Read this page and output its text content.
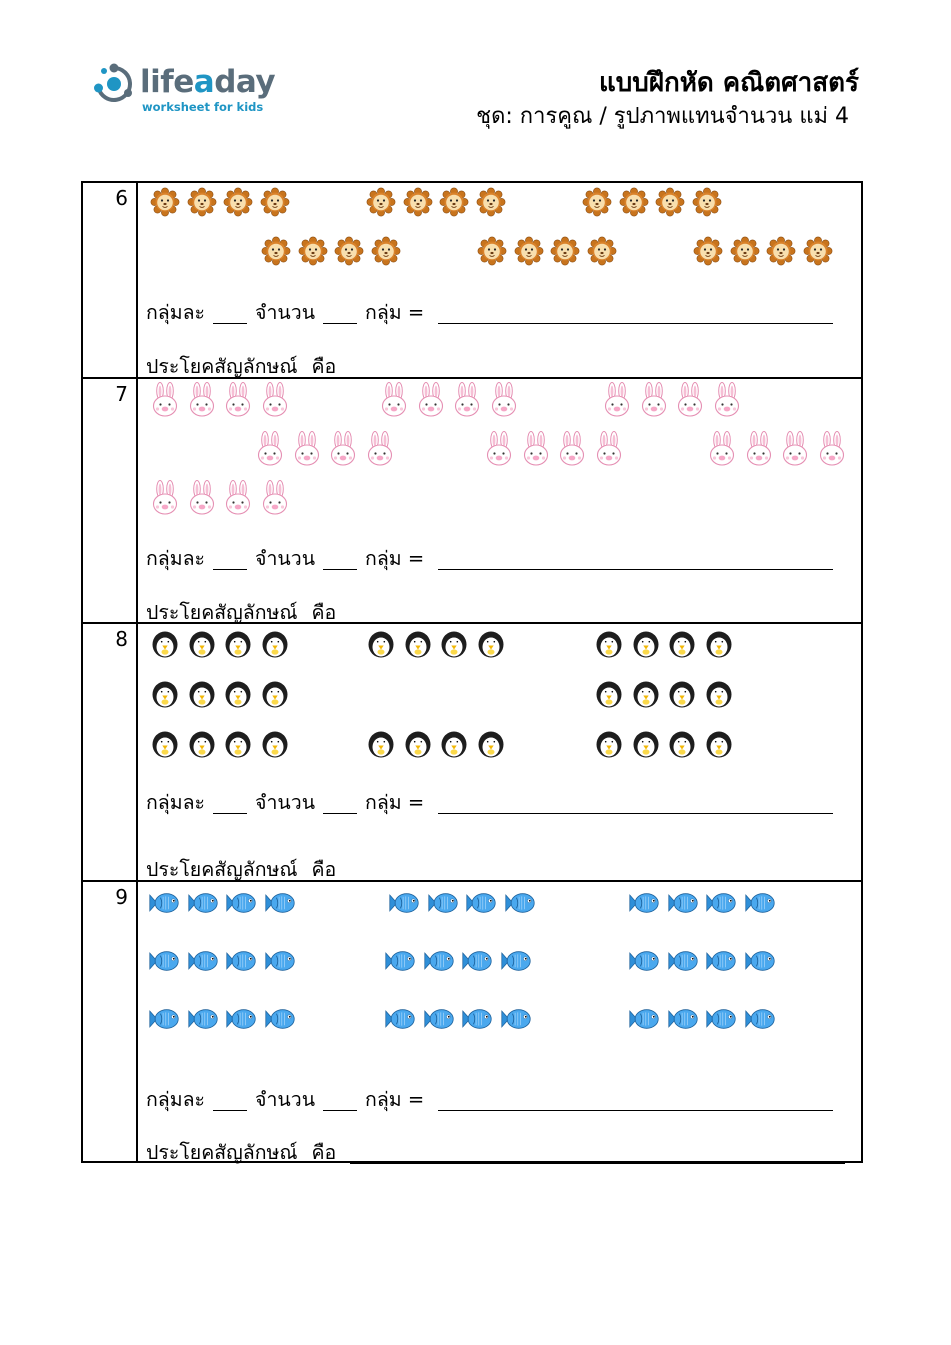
lifeaday
worksheet for kids
แบบฝึกหัด คณิตศาสตร์
ชุด: การคูณ / รูปภาพแทนจำนวน แม่ 4
6
กลุ่มละ	จำนวน	กลุ่ม =
ประโยคสัญลักษณ์ คือ
7
กลุ่มละ	จำนวน	กลุ่ม =
ประโยคสัญลักษณ์ คือ
8
กลุ่มละ	จำนวน	กลุ่ม =
ประโยคสัญลักษณ์ คือ
9
กลุ่มละ	จำนวน	กลุ่ม =
ประโยคสัญลักษณ์ คือ
